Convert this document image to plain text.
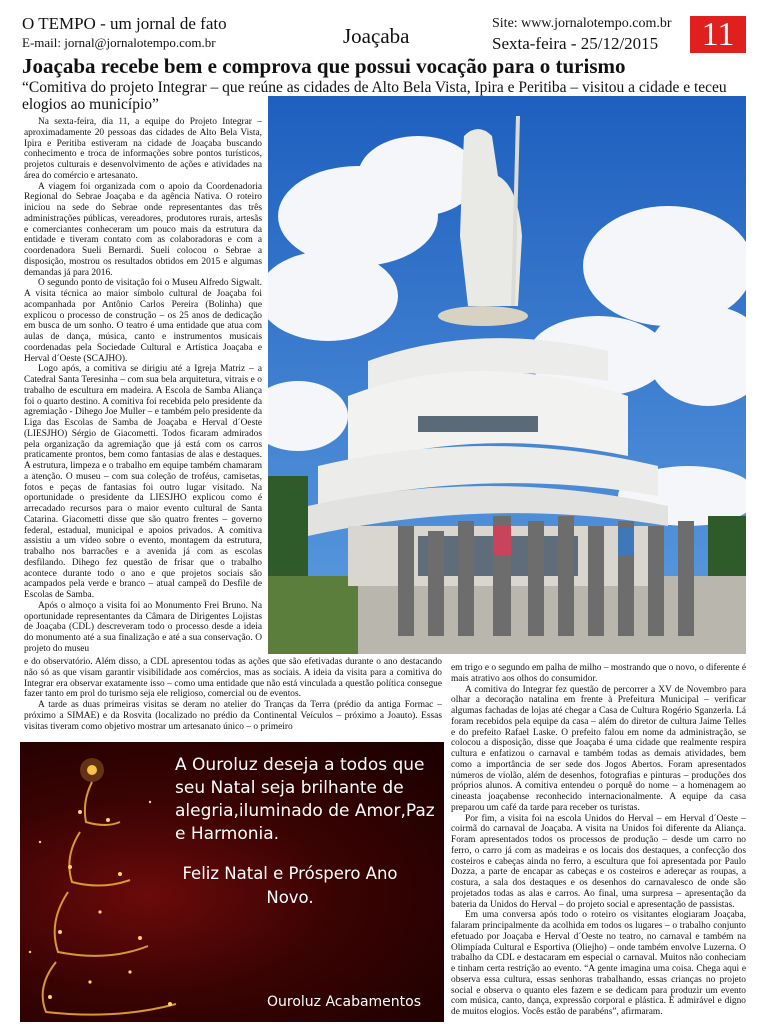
O TEMPO - um jornal de fato
E-mail: jornal@jornalotempo.com.br	Joaçaba
Site: www.jornalotempo.com.br
Sexta-feira - 25/12/2015	11
Joaçaba recebe bem e comprova que possui vocação para o turismo
“Comitiva do projeto Integrar – que reúne as cidades de Alto Bela Vista, Ipira e Peritiba – visitou a cidade e teceu elogios ao município”

Na sexta-feira, dia 11, a equipe do Projeto Integrar – aproximadamente 20 pessoas das cidades de Alto Bela Vista, Ipira e Peritiba estiveram na cidade de Joaçaba buscando conhecimento e troca de informações sobre pontos turísticos, projetos culturais e desenvolvimento de ações e atividades na área do comércio e artesanato.

A viagem foi organizada com o apoio da Coordenadoria Regional do Sebrae Joaçaba e da agência Nativa. O roteiro iniciou na sede do Sebrae onde representantes das três administrações públicas, vereadores, produtores rurais, artesãs e comerciantes conheceram um pouco mais da estrutura da entidade e tiveram contato com as colaboradoras e com a coordenadora Sueli Bernardi. Sueli colocou o Sebrae a disposição, mostrou os resultados obtidos em 2015 e algumas demandas já para 2016.

O segundo ponto de visitação foi o Museu Alfredo Sigwalt. A visita técnica ao maior símbolo cultural de Joaçaba foi acompanhada por Antônio Carlos Pereira (Bolinha) que explicou o processo de construção – os 25 anos de dedicação em busca de um sonho. O teatro é uma entidade que atua com aulas de dança, música, canto e instrumentos musicais coordenadas pela Sociedade Cultural e Artística Joaçaba e Herval d´Oeste (SCAJHO).

Logo após, a comitiva se dirigiu até a Igreja Matriz – a Catedral Santa Teresinha – com sua bela arquitetura, vitrais e o trabalho de escultura em madeira. A Escola de Samba Aliança foi o quarto destino. A comitiva foi recebida pelo presidente da agremiação - Dihego Joe Muller – e também pelo presidente da Liga das Escolas de Samba de Joaçaba e Herval d´Oeste (LIESJHO) Sérgio de Giacometti. Todos ficaram admirados pela organização da agremiação que já está com os carros praticamente prontos, bem como fantasias de alas e destaques. A estrutura, limpeza e o trabalho em equipe também chamaram a atenção. O museu – com sua coleção de troféus, camisetas, fotos e peças de fantasias foi outro lugar visitado. Na oportunidade o presidente da LIESJHO explicou como é arrecadado recursos para o maior evento cultural de Santa Catarina. Giacometti disse que são quatro frentes – governo federal, estadual, municipal e apoios privados. A comitiva assistiu a um vídeo sobre o evento, montagem da estrutura, trabalho nos barracões e a avenida já com as escolas desfilando. Dihego fez questão de frisar que o trabalho acontece durante todo o ano e que projetos sociais são acampados pela verde e branco – atual campeã do Desfile de Escolas de Samba.

Após o almoço a visita foi ao Monumento Frei Bruno. Na oportunidade representantes da Câmara de Dirigentes Lojistas de Joaçaba (CDL) descreveram todo o processo desde a ideia do monumento até a sua finalização e até a sua conservação. O projeto do museu

e do observatório. Além disso, a CDL apresentou todas as ações que são efetivadas durante o ano destacando não só as que visam garantir visibilidade aos comércios, mas as sociais. A ideia da visita para a comitiva do Integrar era observar exatamente isso – como uma entidade que não está vinculada a questão política consegue fazer tanto em prol do turismo seja ele religioso, comercial ou de eventos.

A tarde as duas primeiras visitas se deram no atelier do Tranças da Terra (prédio da antiga Formac – próximo a SIMAE) e da Rosvita (localizado no prédio da Continental Veículos – próximo a Joauto). Essas visitas tiveram como objetivo mostrar um artesanato único – o primeiro

em trigo e o segundo em palha de milho – mostrando que o novo, o diferente é mais atrativo aos olhos do consumidor.

A comitiva do Integrar fez questão de percorrer a XV de Novembro para olhar a decoração natalina em frente à Prefeitura Municipal – verificar algumas fachadas de lojas até chegar a Casa de Cultura Rogério Sganzerla. Lá foram recebidos pela equipe da casa – além do diretor de cultura Jaime Telles e do prefeito Rafael Laske. O prefeito falou em nome da administração, se colocou a disposição, disse que Joaçaba é uma cidade que realmente respira cultura e enfatizou o carnaval e também todas as demais atividades, bem como a importância de ser sede dos Jogos Abertos. Foram apresentados números de violão, além de desenhos, fotografias e pinturas – produções dos próprios alunos. A comitiva entendeu o porquê do nome – a homenagem ao cineasta joaçabense reconhecido internacionalmente. A equipe da casa preparou um café da tarde para receber os turistas.

Por fim, a visita foi na escola Unidos do Herval – em Herval d´Oeste – coirmã do carnaval de Joaçaba. A visita na Unidos foi diferente da Aliança. Foram apresentados todos os processos de produção – desde um carro no ferro, o carro já com as madeiras e os locais dos destaques, a confecção dos costeiros e cabeças ainda no ferro, a escultura que foi apresentada por Paulo Dozza, a parte de encapar as cabeças e os costeiros e adereçar as roupas, a costura, a sala dos destaques e os desenhos do carnavalesco de onde são projetados todas as alas e carros. Ao final, uma surpresa – apresentação da bateria da Unidos do Herval – do projeto social e apresentação de passistas.

Em uma conversa após todo o roteiro os visitantes elogiaram Joaçaba, falaram principalmente da acolhida em todos os lugares – o trabalho conjunto efetuado por Joaçaba e Herval d´Oeste no teatro, no carnaval e também na Olimpíada Cultural e Esportiva (Oliejho) – onde também envolve Luzerna. O trabalho da CDL e destacaram em especial o carnaval. Muitos não conheciam e tinham certa restrição ao evento. “A gente imagina uma coisa. Chega aqui e observa essa cultura, essas senhoras trabalhando, essas crianças no projeto social e observa o quanto eles fazem e se dedicam para produzir um evento com música, canto, dança, expressão corporal e plástica. É admirável e digno de muitos elogios. Vocês estão de parabéns”, afirmaram.

A Ouroluz deseja a todos que seu Natal seja brilhante de alegria,iluminado de Amor,Paz e Harmonia.
Feliz Natal e Próspero Ano Novo.
Ouroluz Acabamentos
